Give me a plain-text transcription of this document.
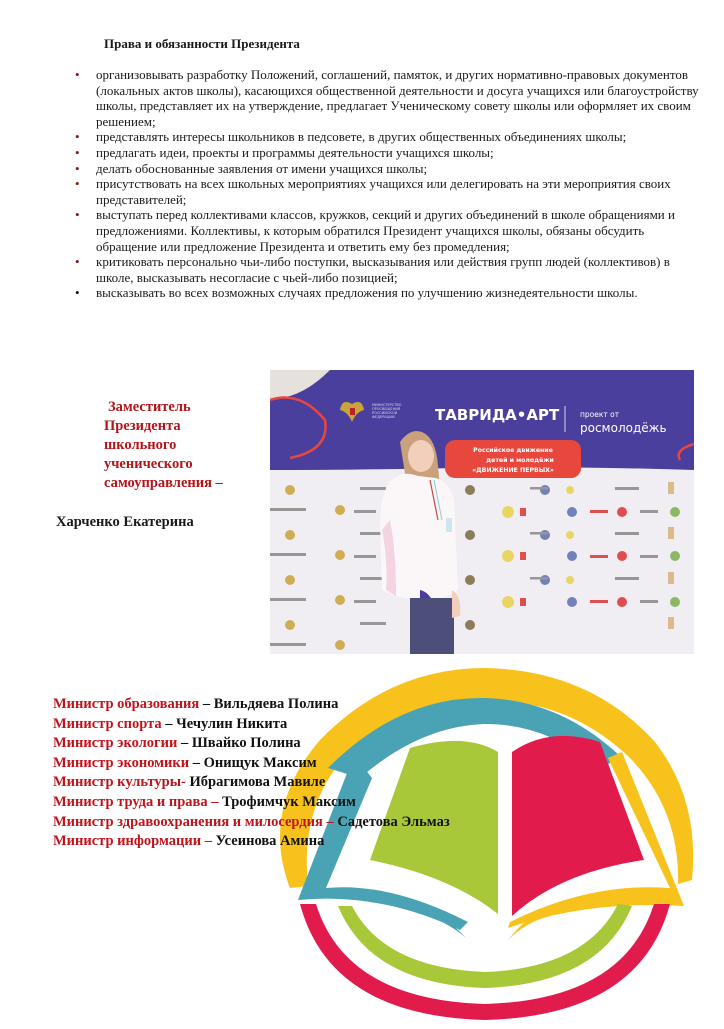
Права и обязанности Президента
• организовывать разработку Положений, соглашений, памяток, и других нормативно-правовых документов (локальных актов школы), касающихся общественной деятельности и досуга учащихся или благоустройству школы, представляет их на утверждение, предлагает Ученическому совету школы или оформляет их своим решением;
• представлять интересы школьников в педсовете, в других общественных объединениях школы;
• предлагать идеи, проекты и программы деятельности учащихся школы;
• делать обоснованные заявления от имени учащихся школы;
• присутствовать на всех школьных мероприятиях учащихся или делегировать на эти мероприятия своих представителей;
• выступать перед коллективами классов, кружков, секций и других объединений в школе обращениями и предложениями. Коллективы, к которым обратился Президент учащихся школы, обязаны обсудить обращение или предложение Президента и ответить ему без промедления;
• критиковать персонально чьи-либо поступки, высказывания или действия групп людей (коллективов) в школе, высказывать несогласие с чьей-либо позицией;
• высказывать во всех возможных случаях предложения по улучшению жизнедеятельности школы.
Заместитель
Президента
школьного
ученического
самоуправления –
Харченко Екатерина
МИНИСТЕРСТВО
ПРОСВЕЩЕНИЯ
РОССИЙСКОЙ
ФЕДЕРАЦИИ	ТАВРИДА•АРТ	проект от
росмолодёжь
Российское движение
детей и молодёжи
«ДВИЖЕНИЕ ПЕРВЫХ»
Министр образования – Вильдяева Полина
Министр спорта – Чечулин Никита
Министр экологии – Швайко Полина
Министр экономики – Онищук Максим
Министр культуры- Ибрагимова Мавиле
Министр труда и права – Трофимчук Максим
Министр здравоохранения и милосердия – Садетова Эльмаз
Министр информации – Усеинова Амина
